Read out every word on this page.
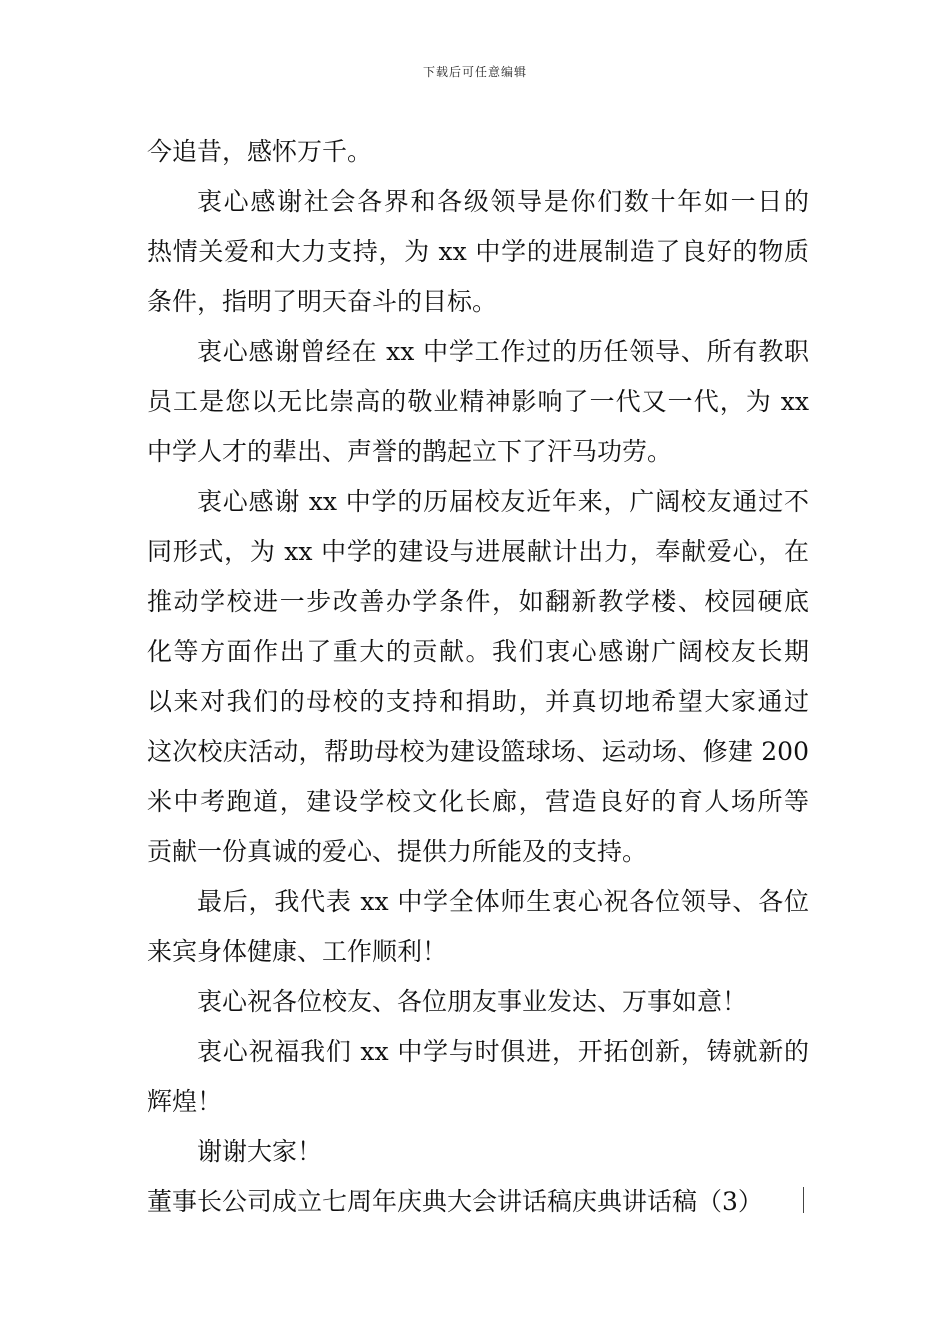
下载后可任意编辑
今追昔，感怀万千。
衷心感谢社会各界和各级领导是你们数十年如一日的
热情关爱和大力支持，为 xx 中学的进展制造了良好的物质
条件，指明了明天奋斗的目标。
衷心感谢曾经在 xx 中学工作过的历任领导、所有教职
员工是您以无比崇高的敬业精神影响了一代又一代，为 xx
中学人才的辈出、声誉的鹊起立下了汗马功劳。
衷心感谢 xx 中学的历届校友近年来，广阔校友通过不
同形式，为 xx 中学的建设与进展献计出力，奉献爱心，在
推动学校进一步改善办学条件，如翻新教学楼、校园硬底
化等方面作出了重大的贡献。我们衷心感谢广阔校友长期
以来对我们的母校的支持和捐助，并真切地希望大家通过
这次校庆活动，帮助母校为建设篮球场、运动场、修建 200
米中考跑道，建设学校文化长廊，营造良好的育人场所等
贡献一份真诚的爱心、提供力所能及的支持。
最后，我代表 xx 中学全体师生衷心祝各位领导、各位
来宾身体健康、工作顺利！
衷心祝各位校友、各位朋友事业发达、万事如意！
衷心祝福我们 xx 中学与时俱进，开拓创新，铸就新的
辉煌！
谢谢大家！
董事长公司成立七周年庆典大会讲话稿庆典讲话稿（3）
